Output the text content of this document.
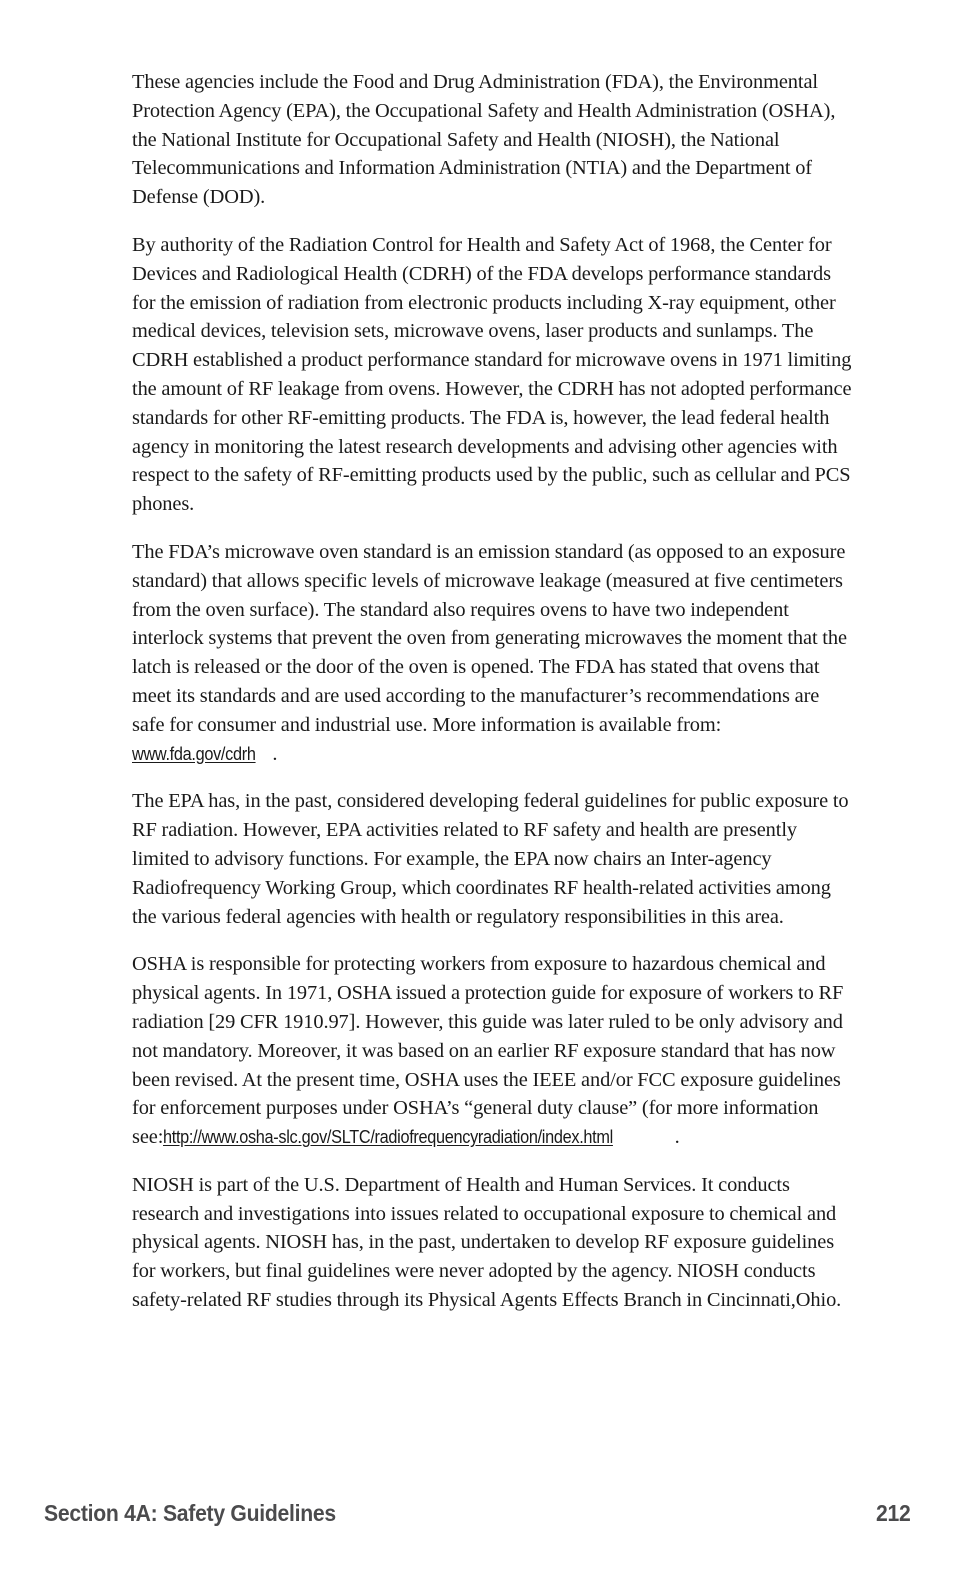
These agencies include the Food and Drug Administration (FDA), the Environmental Protection Agency (EPA), the Occupational Safety and Health Administration (OSHA), the National Institute for Occupational Safety and Health (NIOSH), the National Telecommunications and Information Administration (NTIA) and the Department of Defense (DOD).

By authority of the Radiation Control for Health and Safety Act of 1968, the Center for Devices and Radiological Health (CDRH) of the FDA develops performance standards for the emission of radiation from electronic products including X-ray equipment, other medical devices, television sets, microwave ovens, laser products and sunlamps. The CDRH established a product performance standard for microwave ovens in 1971 limiting the amount of RF leakage from ovens. However, the CDRH has not adopted performance standards for other RF-emitting products. The FDA is, however, the lead federal health agency in monitoring the latest research developments and advising other agencies with respect to the safety of RF-emitting products used by the public, such as cellular and PCS phones.

The FDA’s microwave oven standard is an emission standard (as opposed to an exposure standard) that allows specific levels of microwave leakage (measured at five centimeters from the oven surface). The standard also requires ovens to have two independent interlock systems that prevent the oven from generating microwaves the moment that the latch is released or the door of the oven is opened. The FDA has stated that ovens that meet its standards and are used according to the manufacturer’s recommendations are safe for consumer and industrial use. More information is available from: www.fda.gov/cdrh .

The EPA has, in the past, considered developing federal guidelines for public exposure to RF radiation. However, EPA activities related to RF safety and health are presently limited to advisory functions. For example, the EPA now chairs an Inter-agency Radiofrequency Working Group, which coordinates RF health-related activities among the various federal agencies with health or regulatory responsibilities in this area.

OSHA is responsible for protecting workers from exposure to hazardous chemical and physical agents. In 1971, OSHA issued a protection guide for exposure of workers to RF radiation [29 CFR 1910.97]. However, this guide was later ruled to be only advisory and not mandatory. Moreover, it was based on an earlier RF exposure standard that has now been revised. At the present time, OSHA uses the IEEE and/or FCC exposure guidelines for enforcement purposes under OSHA’s “general duty clause” (for more information see:http://www.osha-slc.gov/SLTC/radiofrequencyradiation/index.html	.

NIOSH is part of the U.S. Department of Health and Human Services. It conducts research and investigations into issues related to occupational exposure to chemical and physical agents. NIOSH has, in the past, undertaken to develop RF exposure guidelines for workers, but final guidelines were never adopted by the agency. NIOSH conducts safety-related RF studies through its Physical Agents Effects Branch in Cincinnati,Ohio.

Section 4A: Safety Guidelines	212
